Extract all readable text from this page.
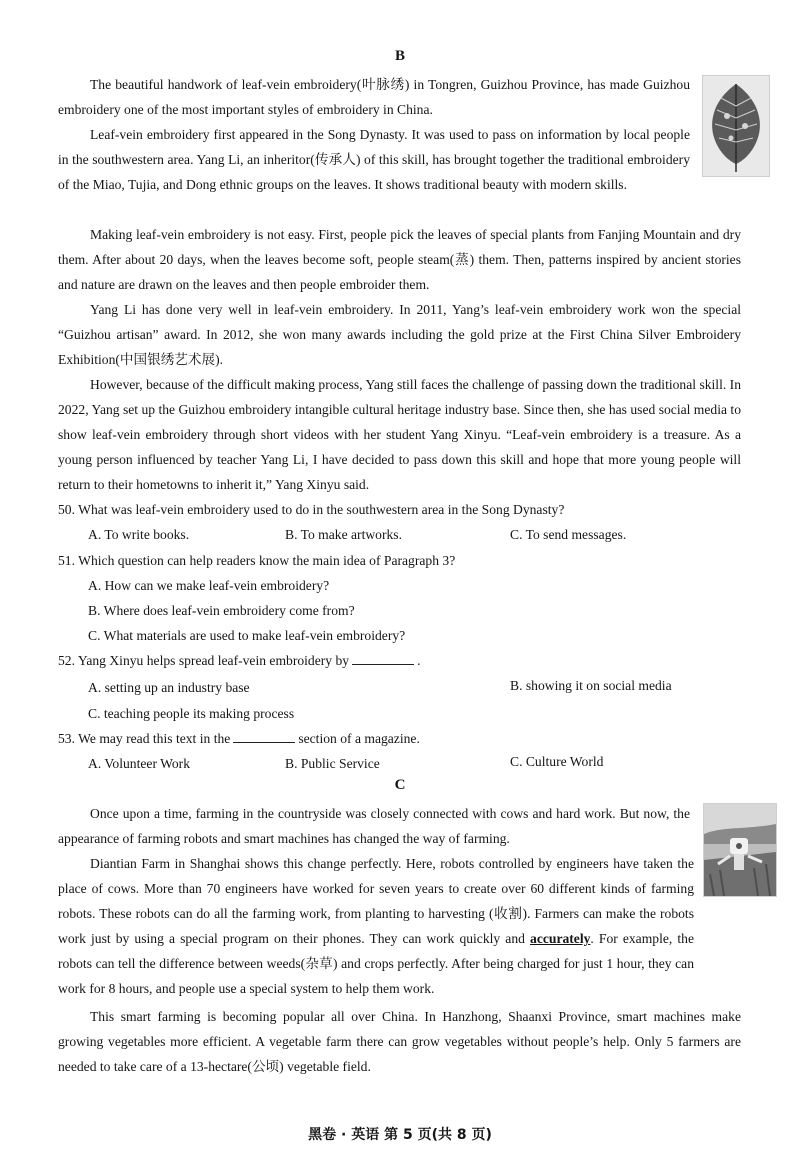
B

The beautiful handwork of leaf-vein embroidery(叶脉绣) in Tongren, Guizhou Province, has made Guizhou embroidery one of the most important styles of embroidery in China.

Leaf-vein embroidery first appeared in the Song Dynasty. It was used to pass on information by local people in the southwestern area. Yang Li, an inheritor(传承人) of this skill, has brought together the traditional embroidery of the Miao, Tujia, and Dong ethnic groups on the leaves. It shows traditional beauty with modern skills.

Making leaf-vein embroidery is not easy. First, people pick the leaves of special plants from Fanjing Mountain and dry them. After about 20 days, when the leaves become soft, people steam(蒸) them. Then, patterns inspired by ancient stories and nature are drawn on the leaves and then people embroider them.

Yang Li has done very well in leaf-vein embroidery. In 2011, Yang’s leaf-vein embroidery work won the special “Guizhou artisan” award. In 2012, she won many awards including the gold prize at the First China Silver Embroidery Exhibition(中国银绣艺术展).

However, because of the difficult making process, Yang still faces the challenge of passing down the traditional skill. In 2022, Yang set up the Guizhou embroidery intangible cultural heritage industry base. Since then, she has used social media to show leaf-vein embroidery through short videos with her student Yang Xinyu. “Leaf-vein embroidery is a treasure. As a young person influenced by teacher Yang Li, I have decided to pass down this skill and hope that more young people will return to their hometowns to inherit it,” Yang Xinyu said.

50. What was leaf-vein embroidery used to do in the southwestern area in the Song Dynasty?
A. To write books.	B. To make artworks.	C. To send messages.
51. Which question can help readers know the main idea of Paragraph 3?
A. How can we make leaf-vein embroidery?
B. Where does leaf-vein embroidery come from?
C. What materials are used to make leaf-vein embroidery?
52. Yang Xinyu helps spread leaf-vein embroidery by	.
A. setting up an industry base	B. showing it on social media
C. teaching people its making process
53. We may read this text in the	section of a magazine.
A. Volunteer Work	B. Public Service	C. Culture World
C

Once upon a time, farming in the countryside was closely connected with cows and hard work. But now, the appearance of farming robots and smart machines has changed the way of farming.

Diantian Farm in Shanghai shows this change perfectly. Here, robots controlled by engineers have taken the place of cows. More than 70 engineers have worked for seven years to create over 60 different kinds of farming robots. These robots can do all the farming work, from planting to harvesting (收割). Farmers can make the robots work just by using a special program on their phones. They can work quickly and accurately. For example, the robots can tell the difference between weeds(杂草) and crops perfectly. After being charged for just 1 hour, they can work for 8 hours, and people use a special system to help them work.

This smart farming is becoming popular all over China. In Hanzhong, Shaanxi Province, smart machines make growing vegetables more efficient. A vegetable farm there can grow vegetables without people’s help. Only 5 farmers are needed to take care of a 13-hectare(公顷) vegetable field.

黑卷 · 英语 第 5 页(共 8 页)
